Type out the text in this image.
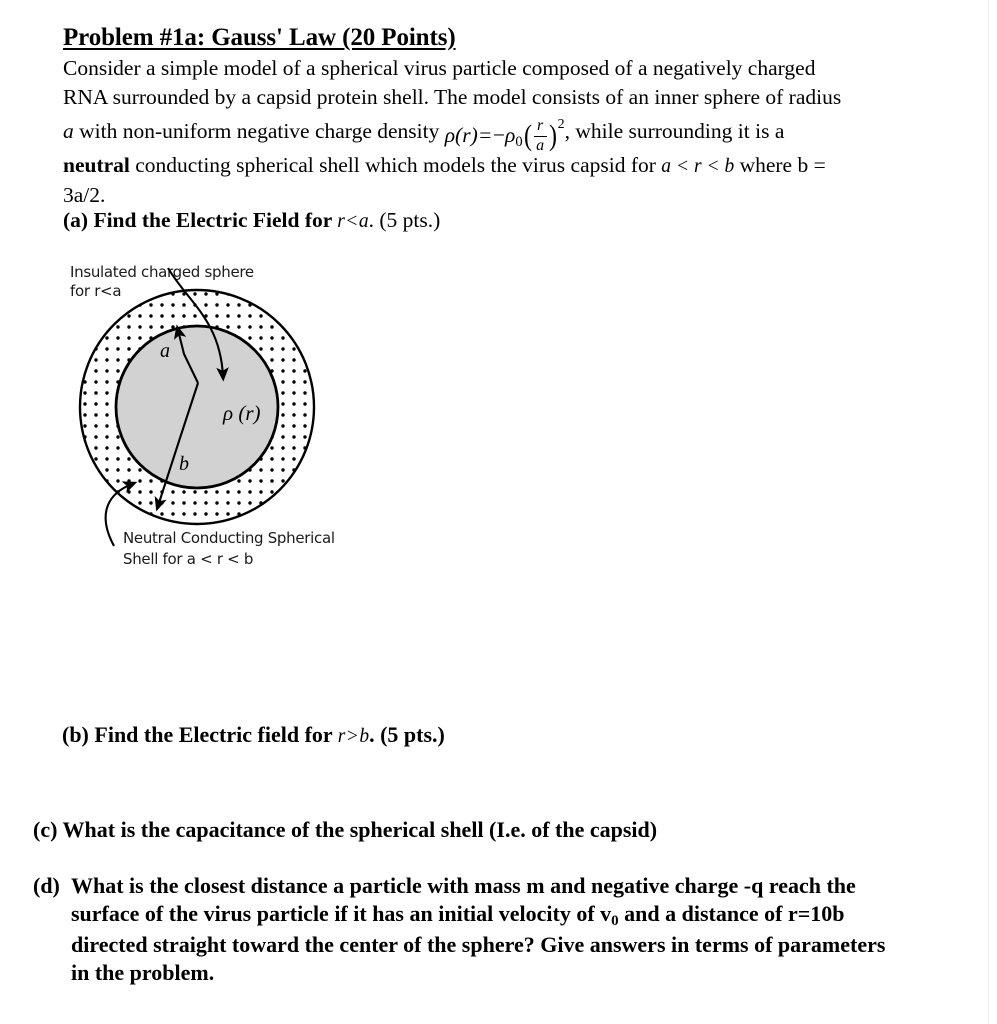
Problem #1a: Gauss' Law (20 Points)

Consider a simple model of a spherical virus particle composed of a negatively charged

RNA surrounded by a capsid protein shell. The model consists of an inner sphere of radius

a with non-uniform negative charge density $\rho(r)=-\rho 0( \frac{r}{a} )^2$, while surrounding it is a

neutral conducting spherical shell which models the virus capsid for a < r < b where b =

3a/2.

(a) Find the Electric Field for r<a. (5 pts.)
Insulated charged sphere
for r<a
a
b
ρ (r)
Neutral Conducting Spherical
Shell for a < r < b
(b) Find the Electric field for r>b. (5 pts.)
(c) What is the capacitance of the spherical shell (I.e. of the capsid)
(d) What is the closest distance a particle with mass m and negative charge -q reach the
surface of the virus particle if it has an initial velocity of v0 and a distance of r=10b
directed straight toward the center of the sphere? Give answers in terms of parameters
in the problem.
